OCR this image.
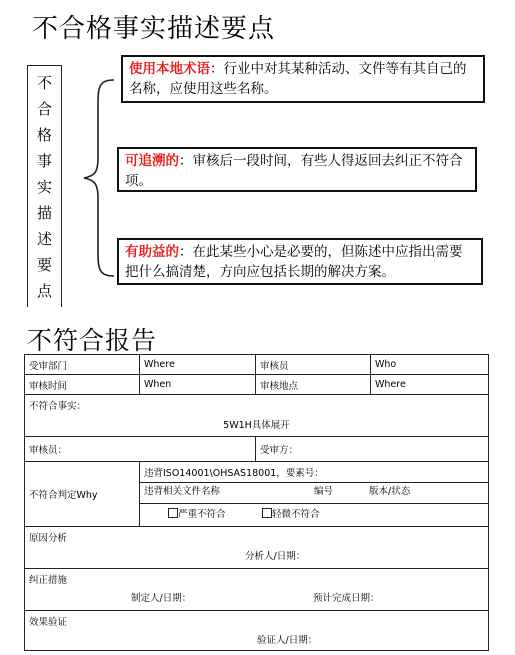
不合格事实描述要点
不
合
格
事
实
描
述
要
点
使用本地术语：行业中对其某种活动、文件等有其自己的名称，应使用这些名称。
可追溯的：审核后一段时间，有些人得返回去纠正不符合项。
有助益的：在此某些小心是必要的，但陈述中应指出需要把什么搞清楚，方向应包括长期的解决方案。
不符合报告
受审部门	Where	审核员	Who
审核时间	When	审核地点	Where

不符合事实：
5W1H具体展开			

审核员：		受审方：	
不符合判定Why	违背ISO14001\OHSAS18001，要素号：		

	违背相关文件名称 编号 版本/状态		

	严重不符合 轻微不符合		

原因分析
分析人/日期：			

纠正措施
制定人/日期： 预计完成日期：			

效果验证
验证人/日期：			
